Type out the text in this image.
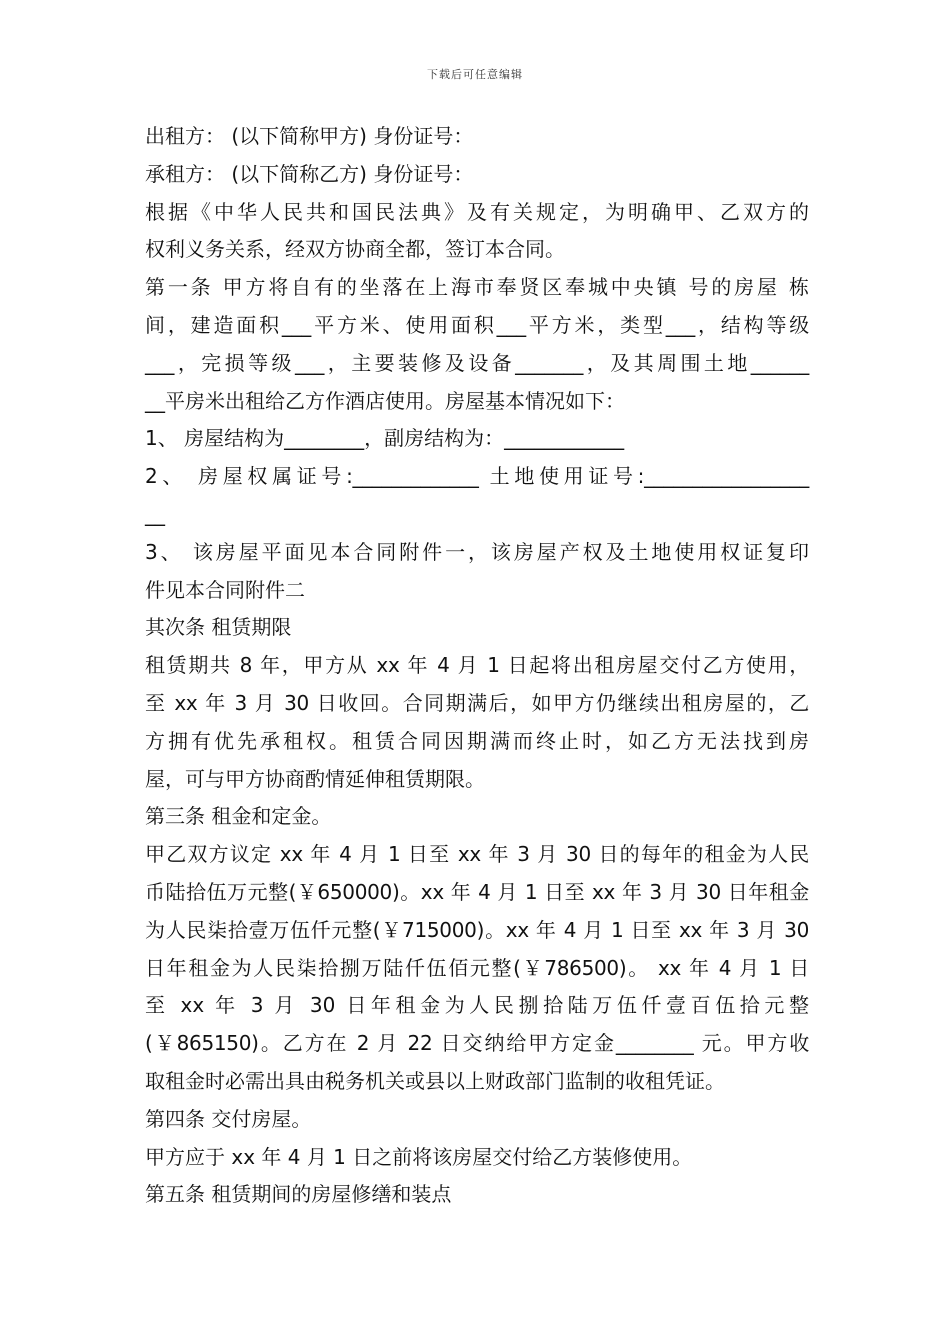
下载后可任意编辑
出租方： (以下简称甲方) 身份证号：
承租方： (以下简称乙方) 身份证号：
根据《中华人民共和国民法典》及有关规定，为明确甲、乙双方的
权利义务关系，经双方协商全都，签订本合同。
第一条 甲方将自有的坐落在上海市奉贤区奉城中央镇 号的房屋 栋
间，建造面积___平方米、使用面积___平方米，类型___，结构等级
___，完损等级___，主要装修及设备_______，及其周围土地______
__平房米出租给乙方作酒店使用。房屋基本情况如下：
1、 房屋结构为________，副房结构为：____________
2、 房屋权属证号:_____________ 土地使用证号:_________________
__
3、 该房屋平面见本合同附件一，该房屋产权及土地使用权证复印
件见本合同附件二
其次条 租赁期限
租赁期共 8 年，甲方从 xx 年 4 月 1 日起将出租房屋交付乙方使用，
至 xx 年 3 月 30 日收回。合同期满后，如甲方仍继续出租房屋的，乙
方拥有优先承租权。租赁合同因期满而终止时，如乙方无法找到房
屋，可与甲方协商酌情延伸租赁期限。
第三条 租金和定金。
甲乙双方议定 xx 年 4 月 1 日至 xx 年 3 月 30 日的每年的租金为人民
币陆拾伍万元整(￥650000)。xx 年 4 月 1 日至 xx 年 3 月 30 日年租金
为人民柒拾壹万伍仟元整(￥715000)。xx 年 4 月 1 日至 xx 年 3 月 30
日年租金为人民柒拾捌万陆仟伍佰元整(￥786500)。 xx 年 4 月 1 日
至 xx 年 3 月 30 日年租金为人民捌拾陆万伍仟壹百伍拾元整
(￥865150)。乙方在 2 月 22 日交纳给甲方定金________ 元。甲方收
取租金时必需出具由税务机关或县以上财政部门监制的收租凭证。
第四条 交付房屋。
甲方应于 xx 年 4 月 1 日之前将该房屋交付给乙方装修使用。
第五条 租赁期间的房屋修缮和装点
